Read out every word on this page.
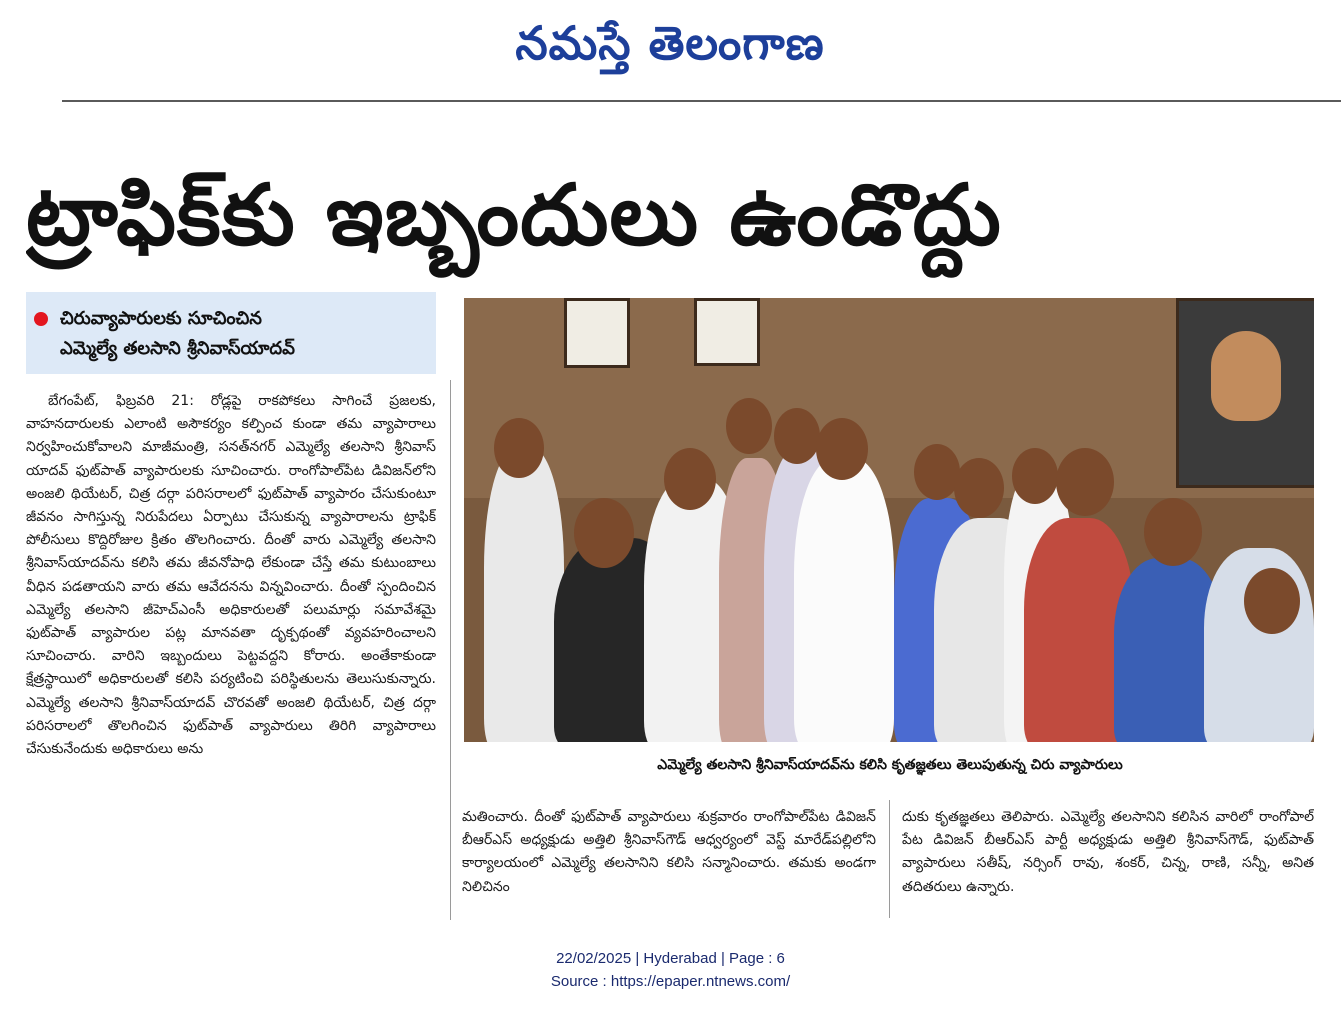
నమస్తే తెలంగాణ
ట్రాఫిక్‌కు ఇబ్బందులు ఉండొద్దు
చిరువ్యాపారులకు సూచించిన
ఎమ్మెల్యే తలసాని శ్రీనివాస్‌యాదవ్
బేగంపేట్, ఫిబ్రవరి 21: రోడ్లపై రాకపోకలు సాగించే ప్రజలకు, వాహనదారులకు ఎలాంటి అసౌకర్యం కల్పించ కుండా తమ వ్యాపారాలు నిర్వహించుకోవాలని మాజీమంత్రి, సనత్‌నగర్ ఎమ్మెల్యే తలసాని శ్రీనివాస్ యాదవ్ ఫుట్‌పాత్ వ్యాపారులకు సూచించారు. రాంగోపాల్‌పేట డివిజన్‌లోని అంజలి థియేటర్, చిత్ర దర్గా పరిసరాలలో ఫుట్‌పాత్ వ్యాపారం చేసుకుంటూ జీవనం సాగిస్తున్న నిరుపేదలు ఏర్పాటు చేసుకున్న వ్యాపారాలను ట్రాఫిక్ పోలీసులు కొద్దిరోజుల క్రితం తొలగించారు. దీంతో వారు ఎమ్మెల్యే తలసాని శ్రీనివాస్‌యాదవ్‌ను కలిసి తమ జీవనోపాధి లేకుండా చేస్తే తమ కుటుంబాలు వీధిన పడతాయని వారు తమ ఆవేదనను విన్నవించారు. దీంతో స్పందించిన ఎమ్మెల్యే తలసాని జీహెచ్‌ఎంసీ అధికారులతో పలుమార్లు సమావేశమై ఫుట్‌పాత్ వ్యాపారుల పట్ల మానవతా దృక్పథంతో వ్యవహరించాలని సూచించారు. వారిని ఇబ్బందులు పెట్టవద్దని కోరారు. అంతేకాకుండా క్షేత్రస్థాయిలో అధికారులతో కలిసి పర్యటించి పరిస్థితులను తెలుసుకున్నారు. ఎమ్మెల్యే తలసాని శ్రీనివాస్‌యాదవ్ చొరవతో అంజలి థియేటర్, చిత్ర దర్గా పరిసరాలలో తొలగించిన ఫుట్‌పాత్ వ్యాపారులు తిరిగి వ్యాపారాలు చేసుకునేందుకు అధికారులు అను
ఎమ్మెల్యే తలసాని శ్రీనివాస్‌యాదవ్‌ను కలిసి కృతజ్ఞతలు తెలుపుతున్న చిరు వ్యాపారులు
మతించారు. దీంతో ఫుట్‌పాత్ వ్యాపారులు శుక్రవారం రాంగోపాల్‌పేట డివిజన్ బీఆర్‌ఎస్ అధ్యక్షుడు అత్తిలి శ్రీనివాస్‌గౌడ్ ఆధ్వర్యంలో వెస్ట్ మారేడ్‌పల్లిలోని కార్యాలయంలో ఎమ్మెల్యే తలసానిని కలిసి సన్మానించారు. తమకు అండగా నిలిచినం
దుకు కృతజ్ఞతలు తెలిపారు. ఎమ్మెల్యే తలసానిని కలిసిన వారిలో రాంగోపాల్ పేట డివిజన్ బీఆర్‌ఎస్ పార్టీ అధ్యక్షుడు అత్తిలి శ్రీనివాస్‌గౌడ్, ఫుట్‌పాత్ వ్యాపారులు సతీష్, నర్సింగ్ రావు, శంకర్, చిన్న, రాణి, సన్నీ, అనిత తదితరులు ఉన్నారు.
22/02/2025 | Hyderabad | Page : 6
Source : https://epaper.ntnews.com/
